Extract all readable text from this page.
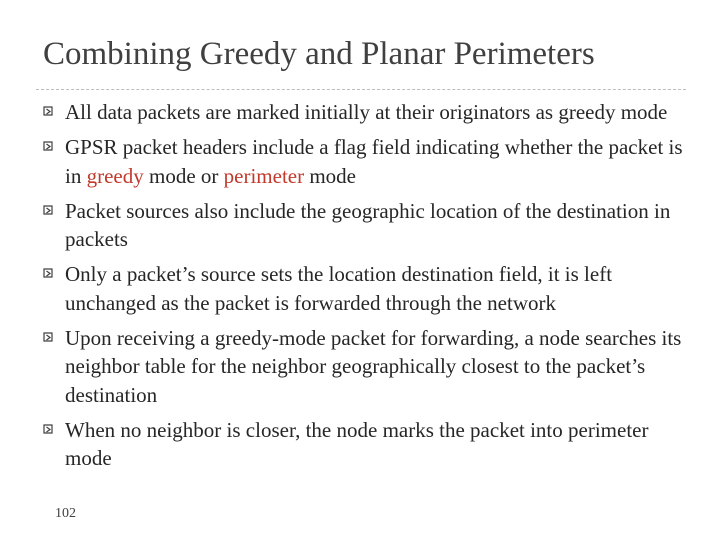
Combining Greedy and Planar Perimeters
All data packets are marked initially at their originators as greedy mode
GPSR packet headers include a flag field indicating whether the packet is in greedy mode or perimeter mode
Packet sources also include the geographic location of the destination in packets
Only a packet’s source sets the location destination field, it is left unchanged as the packet is forwarded through the network
Upon receiving a greedy-mode packet for forwarding, a node searches its neighbor table for the neighbor geographically closest to the packet’s destination
When no neighbor is closer, the node marks the packet into perimeter mode
102
